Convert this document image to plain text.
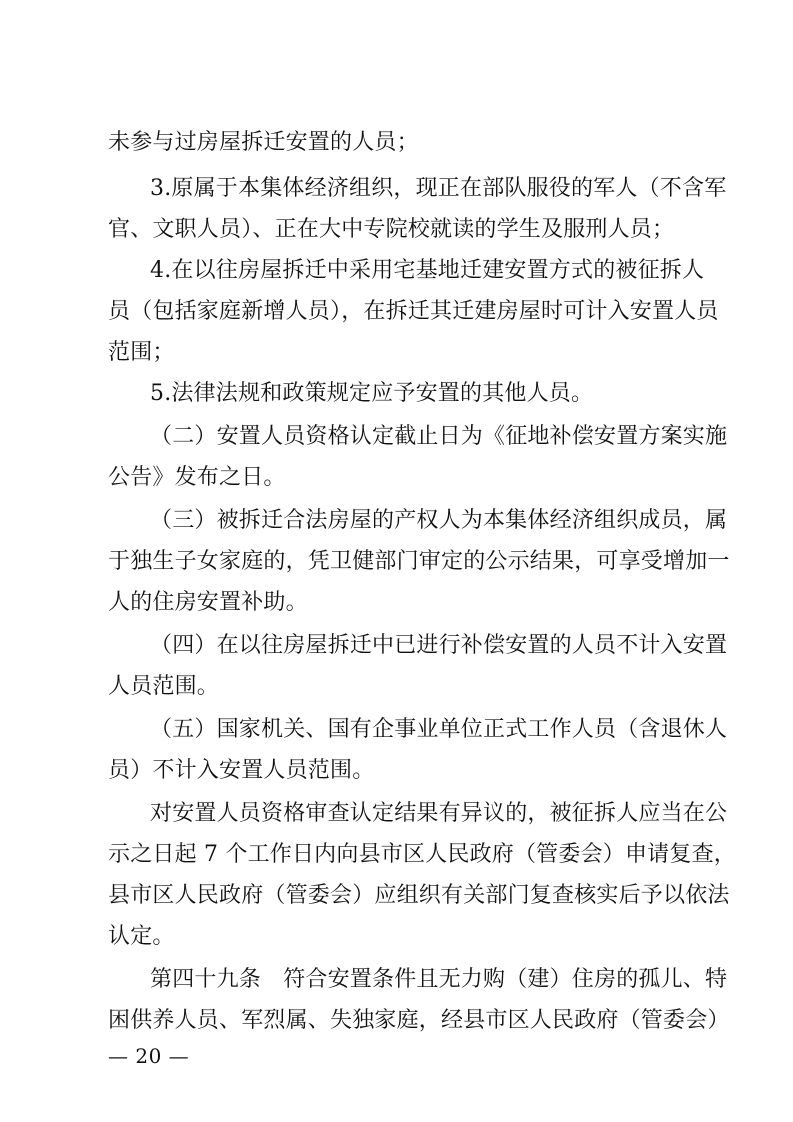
未参与过房屋拆迁安置的人员；
3.原属于本集体经济组织，现正在部队服役的军人（不含军
官、文职人员）、正在大中专院校就读的学生及服刑人员；
4.在以往房屋拆迁中采用宅基地迁建安置方式的被征拆人
员（包括家庭新增人员），在拆迁其迁建房屋时可计入安置人员
范围；
5.法律法规和政策规定应予安置的其他人员。
（二）安置人员资格认定截止日为《征地补偿安置方案实施
公告》发布之日。
（三）被拆迁合法房屋的产权人为本集体经济组织成员，属
于独生子女家庭的，凭卫健部门审定的公示结果，可享受增加一
人的住房安置补助。
（四）在以往房屋拆迁中已进行补偿安置的人员不计入安置
人员范围。
（五）国家机关、国有企事业单位正式工作人员（含退休人
员）不计入安置人员范围。
对安置人员资格审查认定结果有异议的，被征拆人应当在公
示之日起 7 个工作日内向县市区人民政府（管委会）申请复查，
县市区人民政府（管委会）应组织有关部门复查核实后予以依法
认定。
第四十九条　符合安置条件且无力购（建）住房的孤儿、特
困供养人员、军烈属、失独家庭，经县市区人民政府（管委会）
— 20 —
